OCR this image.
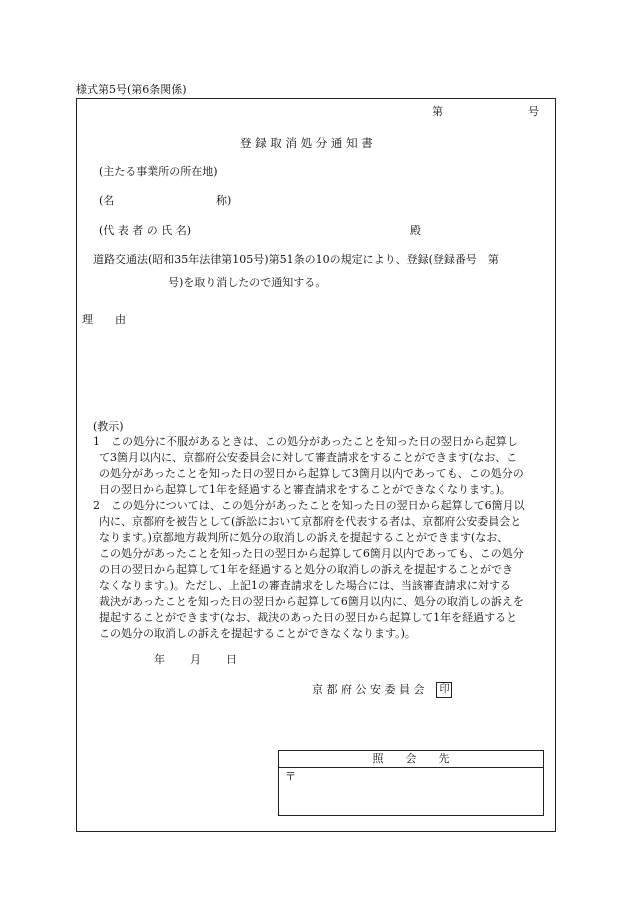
様式第5号(第6条関係)
第	号
登 録 取 消 処 分 通 知 書
(主たる事業所の所在地)
(名	称)
(代 表 者 の 氏 名)	殿
道路交通法(昭和35年法律第105号)第51条の10の規定により、登録(登録番号　第
号)を取り消したので通知する。
理　　由
(教示)
1　この処分に不服があるときは、この処分があったことを知った日の翌日から起算し
て3箇月以内に、京都府公安委員会に対して審査請求をすることができます(なお、こ
の処分があったことを知った日の翌日から起算して3箇月以内であっても、この処分の
日の翌日から起算して1年を経過すると審査請求をすることができなくなります。)。
2　この処分については、この処分があったことを知った日の翌日から起算して6箇月以
内に、京都府を被告として(訴訟において京都府を代表する者は、京都府公安委員会と
なります。)京都地方裁判所に処分の取消しの訴えを提起することができます(なお、
この処分があったことを知った日の翌日から起算して6箇月以内であっても、この処分
の日の翌日から起算して1年を経過すると処分の取消しの訴えを提起することができ
なくなります。)。ただし、上記1の審査請求をした場合には、当該審査請求に対する
裁決があったことを知った日の翌日から起算して6箇月以内に、処分の取消しの訴えを
提起することができます(なお、裁決のあった日の翌日から起算して1年を経過すると
この処分の取消しの訴えを提起することができなくなります。)。
年 月 日
京 都 府 公 安 委 員 会 印
照　　会　　先
〒
